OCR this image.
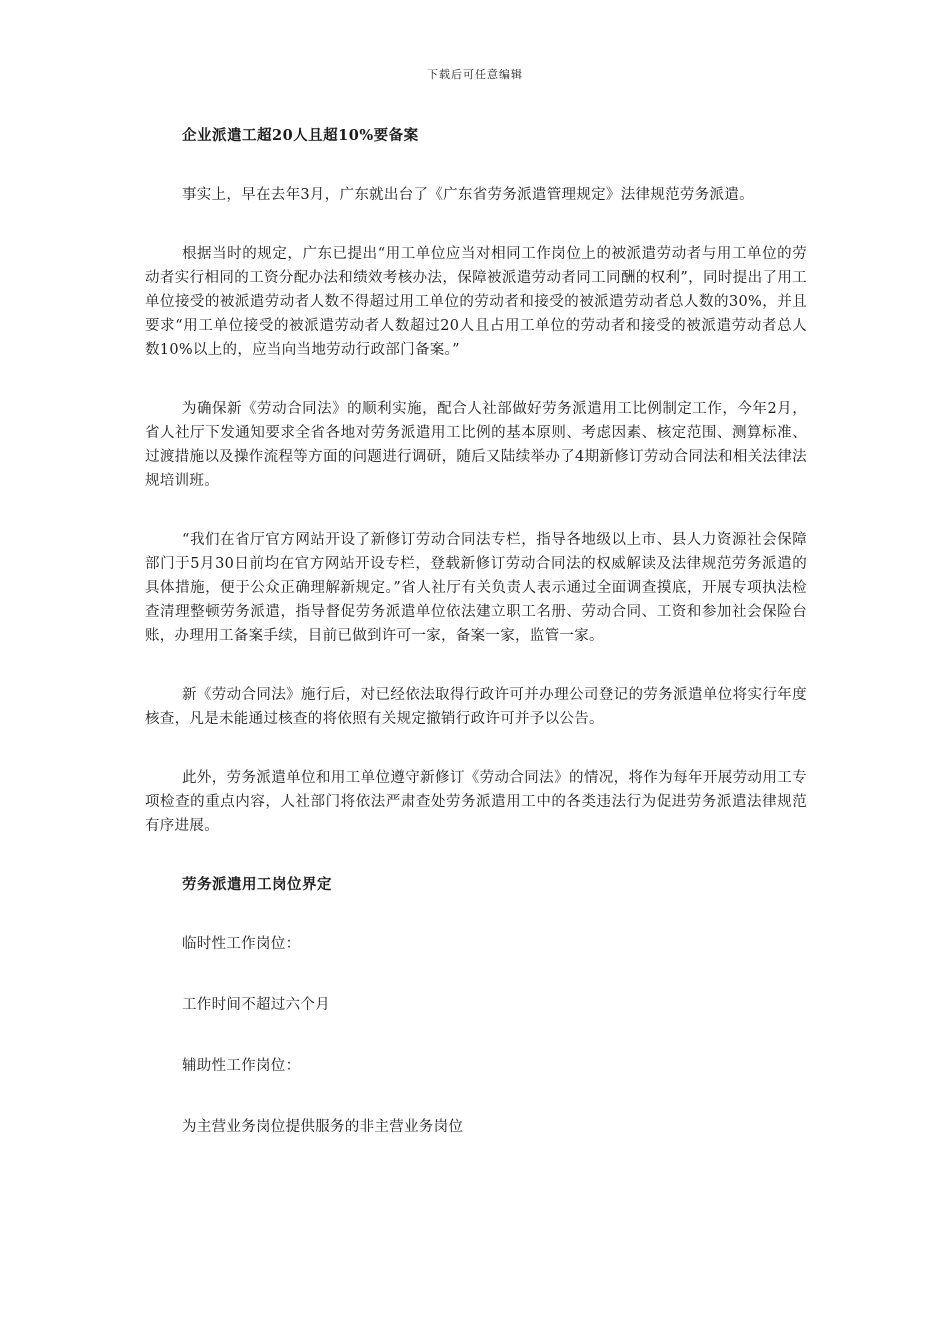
下载后可任意编辑

企业派遣工超20人且超10%要备案

事实上，早在去年3月，广东就出台了《广东省劳务派遣管理规定》法律规范劳务派遣。

根据当时的规定，广东已提出“用工单位应当对相同工作岗位上的被派遣劳动者与用工单位的劳动者实行相同的工资分配办法和绩效考核办法，保障被派遣劳动者同工同酬的权利”，同时提出了用工单位接受的被派遣劳动者人数不得超过用工单位的劳动者和接受的被派遣劳动者总人数的30%，并且要求“用工单位接受的被派遣劳动者人数超过20人且占用工单位的劳动者和接受的被派遣劳动者总人数10%以上的，应当向当地劳动行政部门备案。”

为确保新《劳动合同法》的顺利实施，配合人社部做好劳务派遣用工比例制定工作，今年2月，省人社厅下发通知要求全省各地对劳务派遣用工比例的基本原则、考虑因素、核定范围、测算标准、过渡措施以及操作流程等方面的问题进行调研，随后又陆续举办了4期新修订劳动合同法和相关法律法规培训班。

“我们在省厅官方网站开设了新修订劳动合同法专栏，指导各地级以上市、县人力资源社会保障部门于5月30日前均在官方网站开设专栏，登载新修订劳动合同法的权威解读及法律规范劳务派遣的具体措施，便于公众正确理解新规定。”省人社厅有关负责人表示通过全面调查摸底，开展专项执法检查清理整顿劳务派遣，指导督促劳务派遣单位依法建立职工名册、劳动合同、工资和参加社会保险台账，办理用工备案手续，目前已做到许可一家，备案一家，监管一家。

新《劳动合同法》施行后，对已经依法取得行政许可并办理公司登记的劳务派遣单位将实行年度核查，凡是未能通过核查的将依照有关规定撤销行政许可并予以公告。

此外，劳务派遣单位和用工单位遵守新修订《劳动合同法》的情况，将作为每年开展劳动用工专项检查的重点内容，人社部门将依法严肃查处劳务派遣用工中的各类违法行为促进劳务派遣法律规范有序进展。

劳务派遣用工岗位界定

临时性工作岗位：

工作时间不超过六个月

辅助性工作岗位：

为主营业务岗位提供服务的非主营业务岗位
